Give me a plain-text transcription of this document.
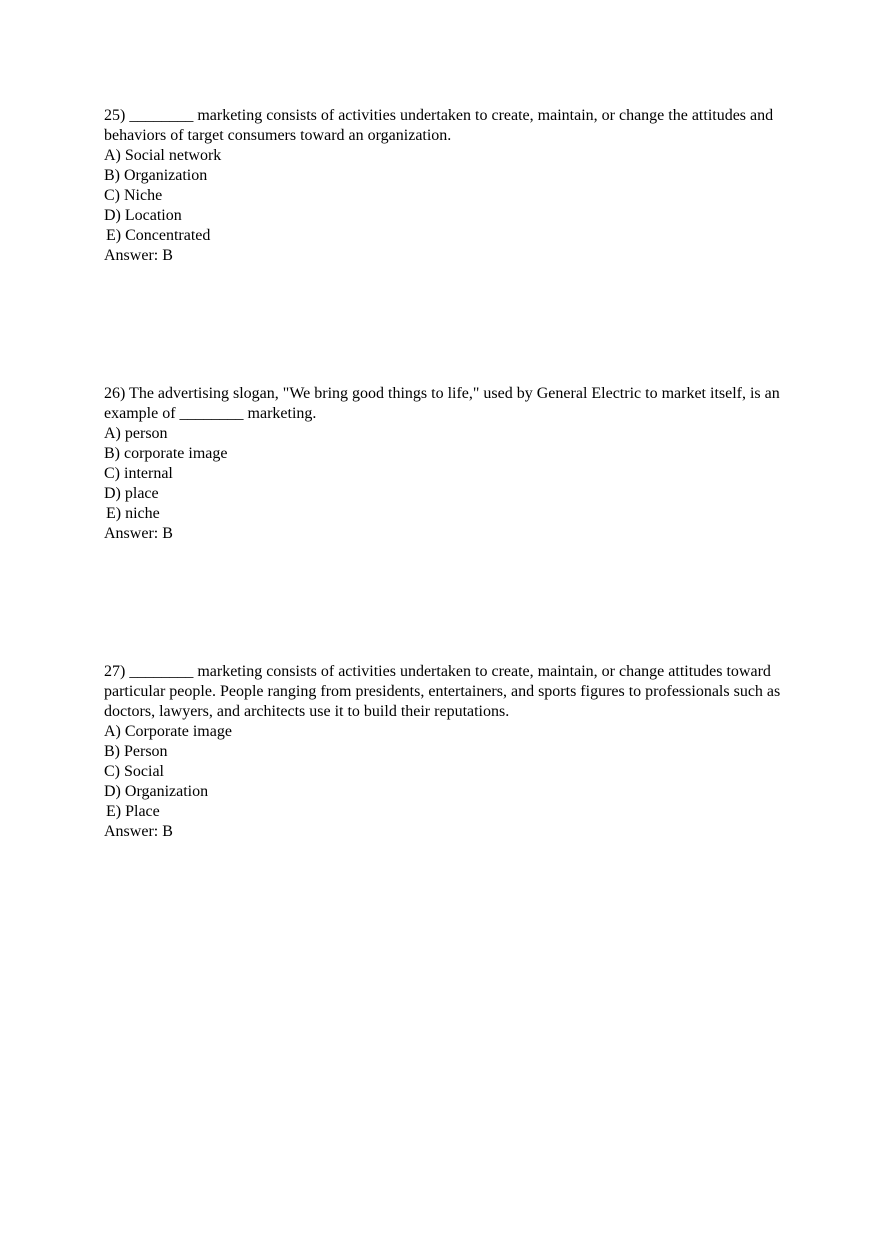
25) ________ marketing consists of activities undertaken to create, maintain, or change the attitudes and behaviors of target consumers toward an organization.

A) Social network
B) Organization
C) Niche
D) Location
E) Concentrated

Answer: B

26) The advertising slogan, "We bring good things to life," used by General Electric to market itself, is an example of ________ marketing.

A) person
B) corporate image
C) internal
D) place
E) niche

Answer: B

27) ________ marketing consists of activities undertaken to create, maintain, or change attitudes toward particular people. People ranging from presidents, entertainers, and sports figures to professionals such as doctors, lawyers, and architects use it to build their reputations.

A) Corporate image
B) Person
C) Social
D) Organization
E) Place

Answer: B
